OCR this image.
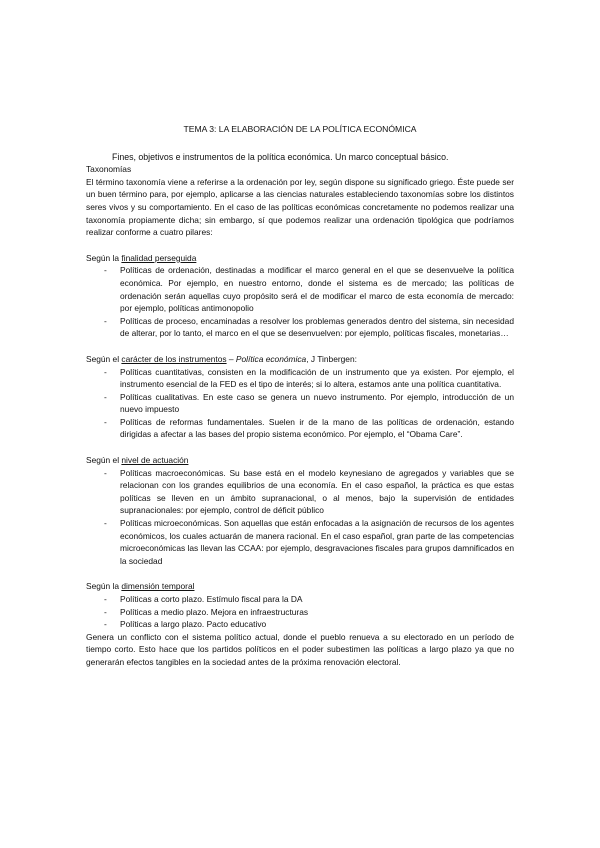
TEMA 3: LA ELABORACIÓN DE LA POLÍTICA ECONÓMICA
Fines, objetivos e instrumentos de la política económica. Un marco conceptual básico.
Taxonomías

El término taxonomía viene a referirse a la ordenación por ley, según dispone su significado griego. Éste puede ser un buen término para, por ejemplo, aplicarse a las ciencias naturales estableciendo taxonomías sobre los distintos seres vivos y su comportamiento. En el caso de las políticas económicas concretamente no podemos realizar una taxonomía propiamente dicha; sin embargo, sí que podemos realizar una ordenación tipológica que podríamos realizar conforme a cuatro pilares:

Según la finalidad perseguida

- Políticas de ordenación, destinadas a modificar el marco general en el que se desenvuelve la política económica. Por ejemplo, en nuestro entorno, donde el sistema es de mercado; las políticas de ordenación serán aquellas cuyo propósito será el de modificar el marco de esta economía de mercado: por ejemplo, políticas antimonopolio
- Políticas de proceso, encaminadas a resolver los problemas generados dentro del sistema, sin necesidad de alterar, por lo tanto, el marco en el que se desenvuelven: por ejemplo, políticas fiscales, monetarias…

Según el carácter de los instrumentos – Política económica, J Tinbergen:

- Políticas cuantitativas, consisten en la modificación de un instrumento que ya existen. Por ejemplo, el instrumento esencial de la FED es el tipo de interés; si lo altera, estamos ante una política cuantitativa.
- Políticas cualitativas. En este caso se genera un nuevo instrumento. Por ejemplo, introducción de un nuevo impuesto
- Políticas de reformas fundamentales. Suelen ir de la mano de las políticas de ordenación, estando dirigidas a afectar a las bases del propio sistema económico. Por ejemplo, el “Obama Care”.

Según el nivel de actuación

- Políticas macroeconómicas. Su base está en el modelo keynesiano de agregados y variables que se relacionan con los grandes equilibrios de una economía. En el caso español, la práctica es que estas políticas se lleven en un ámbito supranacional, o al menos, bajo la supervisión de entidades supranacionales: por ejemplo, control de déficit público
- Políticas microeconómicas. Son aquellas que están enfocadas a la asignación de recursos de los agentes económicos, los cuales actuarán de manera racional. En el caso español, gran parte de las competencias microeconómicas las llevan las CCAA: por ejemplo, desgravaciones fiscales para grupos damnificados en la sociedad

Según la dimensión temporal

- Políticas a corto plazo. Estímulo fiscal para la DA
- Políticas a medio plazo. Mejora en infraestructuras
- Políticas a largo plazo. Pacto educativo

Genera un conflicto con el sistema político actual, donde el pueblo renueva a su electorado en un período de tiempo corto. Esto hace que los partidos políticos en el poder subestimen las políticas a largo plazo ya que no generarán efectos tangibles en la sociedad antes de la próxima renovación electoral.
